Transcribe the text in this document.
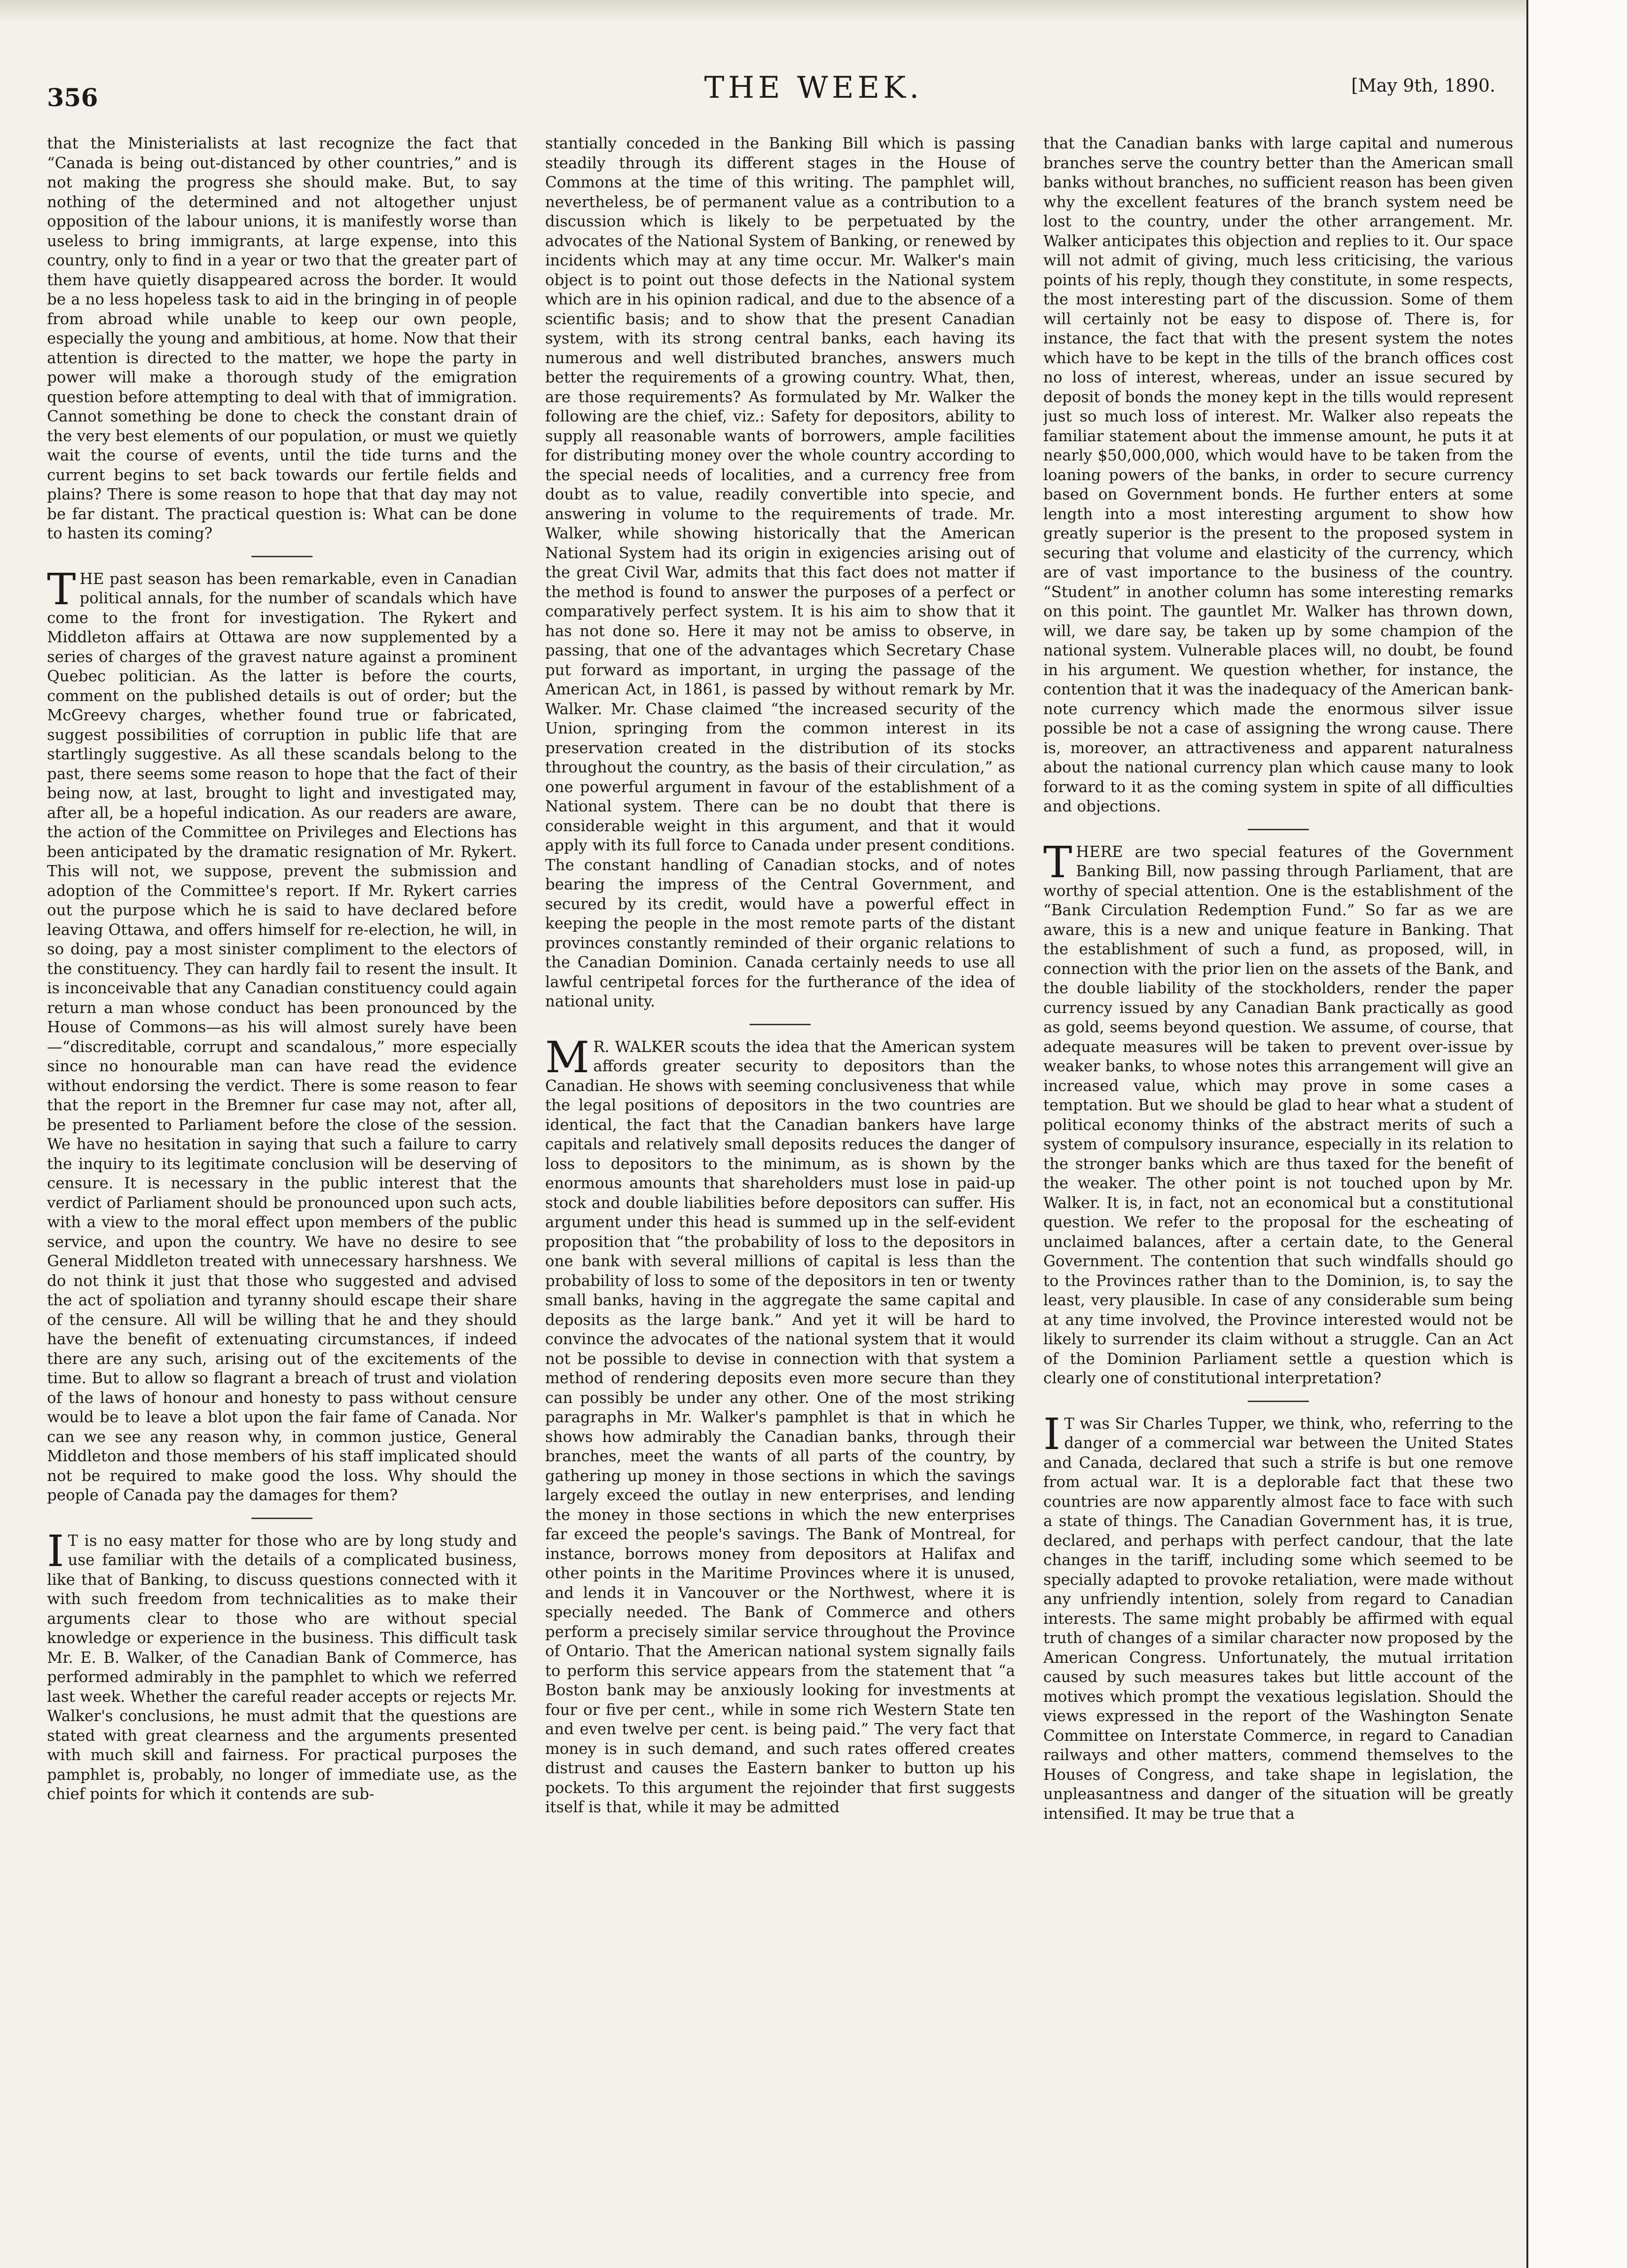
356	THE WEEK.	[May 9th, 1890.

that the Ministerialists at last recognize the fact that “Canada is being out-distanced by other countries,” and is not making the progress she should make. But, to say nothing of the determined and not altogether unjust opposition of the labour unions, it is manifestly worse than useless to bring immigrants, at large expense, into this country, only to find in a year or two that the greater part of them have quietly disappeared across the border. It would be a no less hopeless task to aid in the bringing in of people from abroad while unable to keep our own people, especially the young and ambitious, at home. Now that their attention is directed to the matter, we hope the party in power will make a thorough study of the emigration question before attempting to deal with that of immigration. Cannot something be done to check the constant drain of the very best elements of our population, or must we quietly wait the course of events, until the tide turns and the current begins to set back towards our fertile fields and plains? There is some reason to hope that that day may not be far distant. The practical question is: What can be done to hasten its coming?

THE past season has been remarkable, even in Canadian political annals, for the number of scandals which have come to the front for investigation. The Rykert and Middleton affairs at Ottawa are now supplemented by a series of charges of the gravest nature against a prominent Quebec politician. As the latter is before the courts, comment on the published details is out of order; but the McGreevy charges, whether found true or fabricated, suggest possibilities of corruption in public life that are startlingly suggestive. As all these scandals belong to the past, there seems some reason to hope that the fact of their being now, at last, brought to light and investigated may, after all, be a hopeful indication. As our readers are aware, the action of the Committee on Privileges and Elections has been anticipated by the dramatic resignation of Mr. Rykert. This will not, we suppose, prevent the submission and adoption of the Committee's report. If Mr. Rykert carries out the purpose which he is said to have declared before leaving Ottawa, and offers himself for re-election, he will, in so doing, pay a most sinister compliment to the electors of the constituency. They can hardly fail to resent the insult. It is inconceivable that any Canadian constituency could again return a man whose conduct has been pronounced by the House of Commons—as his will almost surely have been—“discreditable, corrupt and scandalous,” more especially since no honourable man can have read the evidence without endorsing the verdict. There is some reason to fear that the report in the Bremner fur case may not, after all, be presented to Parliament before the close of the session. We have no hesitation in saying that such a failure to carry the inquiry to its legitimate conclusion will be deserving of censure. It is necessary in the public interest that the verdict of Parliament should be pronounced upon such acts, with a view to the moral effect upon members of the public service, and upon the country. We have no desire to see General Middleton treated with unnecessary harshness. We do not think it just that those who suggested and advised the act of spoliation and tyranny should escape their share of the censure. All will be willing that he and they should have the benefit of extenuating circumstances, if indeed there are any such, arising out of the excitements of the time. But to allow so flagrant a breach of trust and violation of the laws of honour and honesty to pass without censure would be to leave a blot upon the fair fame of Canada. Nor can we see any reason why, in common justice, General Middleton and those members of his staff implicated should not be required to make good the loss. Why should the people of Canada pay the damages for them?

IT is no easy matter for those who are by long study and use familiar with the details of a complicated business, like that of Banking, to discuss questions connected with it with such freedom from technicalities as to make their arguments clear to those who are without special knowledge or experience in the business. This difficult task Mr. E. B. Walker, of the Canadian Bank of Commerce, has performed admirably in the pamphlet to which we referred last week. Whether the careful reader accepts or rejects Mr. Walker's conclusions, he must admit that the questions are stated with great clearness and the arguments presented with much skill and fairness. For practical purposes the pamphlet is, probably, no longer of immediate use, as the chief points for which it contends are sub-

stantially conceded in the Banking Bill which is passing steadily through its different stages in the House of Commons at the time of this writing. The pamphlet will, nevertheless, be of permanent value as a contribution to a discussion which is likely to be perpetuated by the advocates of the National System of Banking, or renewed by incidents which may at any time occur. Mr. Walker's main object is to point out those defects in the National system which are in his opinion radical, and due to the absence of a scientific basis; and to show that the present Canadian system, with its strong central banks, each having its numerous and well distributed branches, answers much better the requirements of a growing country. What, then, are those requirements? As formulated by Mr. Walker the following are the chief, viz.: Safety for depositors, ability to supply all reasonable wants of borrowers, ample facilities for distributing money over the whole country according to the special needs of localities, and a currency free from doubt as to value, readily convertible into specie, and answering in volume to the requirements of trade. Mr. Walker, while showing historically that the American National System had its origin in exigencies arising out of the great Civil War, admits that this fact does not matter if the method is found to answer the purposes of a perfect or comparatively perfect system. It is his aim to show that it has not done so. Here it may not be amiss to observe, in passing, that one of the advantages which Secretary Chase put forward as important, in urging the passage of the American Act, in 1861, is passed by without remark by Mr. Walker. Mr. Chase claimed “the increased security of the Union, springing from the common interest in its preservation created in the distribution of its stocks throughout the country, as the basis of their circulation,” as one powerful argument in favour of the establishment of a National system. There can be no doubt that there is considerable weight in this argument, and that it would apply with its full force to Canada under present conditions. The constant handling of Canadian stocks, and of notes bearing the impress of the Central Government, and secured by its credit, would have a powerful effect in keeping the people in the most remote parts of the distant provinces constantly reminded of their organic relations to the Canadian Dominion. Canada certainly needs to use all lawful centripetal forces for the furtherance of the idea of national unity.

MR. WALKER scouts the idea that the American system affords greater security to depositors than the Canadian. He shows with seeming conclusiveness that while the legal positions of depositors in the two countries are identical, the fact that the Canadian bankers have large capitals and relatively small deposits reduces the danger of loss to depositors to the minimum, as is shown by the enormous amounts that shareholders must lose in paid-up stock and double liabilities before depositors can suffer. His argument under this head is summed up in the self-evident proposition that “the probability of loss to the depositors in one bank with several millions of capital is less than the probability of loss to some of the depositors in ten or twenty small banks, having in the aggregate the same capital and deposits as the large bank.” And yet it will be hard to convince the advocates of the national system that it would not be possible to devise in connection with that system a method of rendering deposits even more secure than they can possibly be under any other. One of the most striking paragraphs in Mr. Walker's pamphlet is that in which he shows how admirably the Canadian banks, through their branches, meet the wants of all parts of the country, by gathering up money in those sections in which the savings largely exceed the outlay in new enterprises, and lending the money in those sections in which the new enterprises far exceed the people's savings. The Bank of Montreal, for instance, borrows money from depositors at Halifax and other points in the Maritime Provinces where it is unused, and lends it in Vancouver or the Northwest, where it is specially needed. The Bank of Commerce and others perform a precisely similar service throughout the Province of Ontario. That the American national system signally fails to perform this service appears from the statement that “a Boston bank may be anxiously looking for investments at four or five per cent., while in some rich Western State ten and even twelve per cent. is being paid.” The very fact that money is in such demand, and such rates offered creates distrust and causes the Eastern banker to button up his pockets. To this argument the rejoinder that first suggests itself is that, while it may be admitted

that the Canadian banks with large capital and numerous branches serve the country better than the American small banks without branches, no sufficient reason has been given why the excellent features of the branch system need be lost to the country, under the other arrangement. Mr. Walker anticipates this objection and replies to it. Our space will not admit of giving, much less criticising, the various points of his reply, though they constitute, in some respects, the most interesting part of the discussion. Some of them will certainly not be easy to dispose of. There is, for instance, the fact that with the present system the notes which have to be kept in the tills of the branch offices cost no loss of interest, whereas, under an issue secured by deposit of bonds the money kept in the tills would represent just so much loss of interest. Mr. Walker also repeats the familiar statement about the immense amount, he puts it at nearly $50,000,000, which would have to be taken from the loaning powers of the banks, in order to secure currency based on Government bonds. He further enters at some length into a most interesting argument to show how greatly superior is the present to the proposed system in securing that volume and elasticity of the currency, which are of vast importance to the business of the country. “Student” in another column has some interesting remarks on this point. The gauntlet Mr. Walker has thrown down, will, we dare say, be taken up by some champion of the national system. Vulnerable places will, no doubt, be found in his argument. We question whether, for instance, the contention that it was the inadequacy of the American bank-note currency which made the enormous silver issue possible be not a case of assigning the wrong cause. There is, moreover, an attractiveness and apparent naturalness about the national currency plan which cause many to look forward to it as the coming system in spite of all difficulties and objections.

THERE are two special features of the Government Banking Bill, now passing through Parliament, that are worthy of special attention. One is the establishment of the “Bank Circulation Redemption Fund.” So far as we are aware, this is a new and unique feature in Banking. That the establishment of such a fund, as proposed, will, in connection with the prior lien on the assets of the Bank, and the double liability of the stockholders, render the paper currency issued by any Canadian Bank practically as good as gold, seems beyond question. We assume, of course, that adequate measures will be taken to prevent over-issue by weaker banks, to whose notes this arrangement will give an increased value, which may prove in some cases a temptation. But we should be glad to hear what a student of political economy thinks of the abstract merits of such a system of compulsory insurance, especially in its relation to the stronger banks which are thus taxed for the benefit of the weaker. The other point is not touched upon by Mr. Walker. It is, in fact, not an economical but a constitutional question. We refer to the proposal for the escheating of unclaimed balances, after a certain date, to the General Government. The contention that such windfalls should go to the Provinces rather than to the Dominion, is, to say the least, very plausible. In case of any considerable sum being at any time involved, the Province interested would not be likely to surrender its claim without a struggle. Can an Act of the Dominion Parliament settle a question which is clearly one of constitutional interpretation?

IT was Sir Charles Tupper, we think, who, referring to the danger of a commercial war between the United States and Canada, declared that such a strife is but one remove from actual war. It is a deplorable fact that these two countries are now apparently almost face to face with such a state of things. The Canadian Government has, it is true, declared, and perhaps with perfect candour, that the late changes in the tariff, including some which seemed to be specially adapted to provoke retaliation, were made without any unfriendly intention, solely from regard to Canadian interests. The same might probably be affirmed with equal truth of changes of a similar character now proposed by the American Congress. Unfortunately, the mutual irritation caused by such measures takes but little account of the motives which prompt the vexatious legislation. Should the views expressed in the report of the Washington Senate Committee on Interstate Commerce, in regard to Canadian railways and other matters, commend themselves to the Houses of Congress, and take shape in legislation, the unpleasantness and danger of the situation will be greatly intensified. It may be true that a
